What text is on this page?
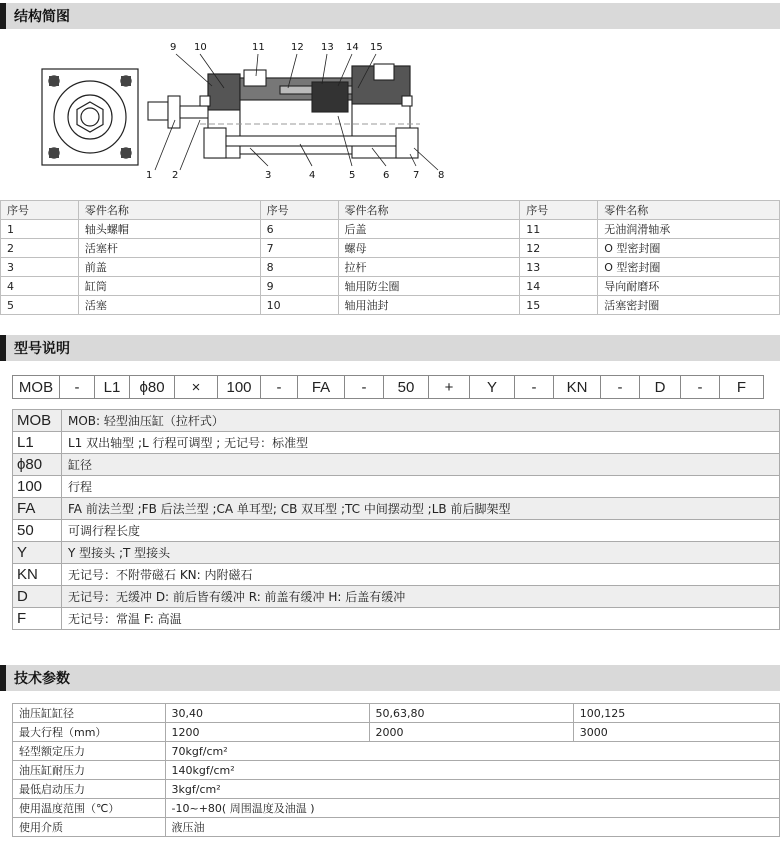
结构简图
9 10	11	12 13 14 15
1 2	3	4	5	6 7 8
序号	零件名称	序号	零件名称	序号	零件名称
1	轴头螺帽	6	后盖	11	无油润滑轴承
2	活塞杆	7	螺母	12	O 型密封圈
3	前盖	8	拉杆	13	O 型密封圈
4	缸筒	9	轴用防尘圈	14	导向耐磨环
5	活塞	10	轴用油封	15	活塞密封圈
型号说明
MOB	-	L1	ϕ80	×	100	-	FA	-	50	+	Y	-	KN	-	D	-	F
MOB	MOB: 轻型油压缸（拉杆式）
L1	L1 双出轴型 ;L 行程可调型 ; 无记号：标准型
ϕ80	缸径
100	行程
FA	FA 前法兰型 ;FB 后法兰型 ;CA 单耳型; CB 双耳型 ;TC 中间摆动型 ;LB 前后脚架型
50	可调行程长度
Y	Y 型接头 ;T 型接头
KN	无记号：不附带磁石 KN: 内附磁石
D	无记号：无缓冲 D: 前后皆有缓冲 R: 前盖有缓冲 H: 后盖有缓冲
F	无记号：常温 F: 高温
技术参数
油压缸缸径	30,40	50,63,80	100,125
最大行程（mm）	1200	2000	3000
轻型额定压力	70kgf/cm²		
油压缸耐压力	140kgf/cm²		
最低启动压力	3kgf/cm²		
使用温度范围（℃）	-10~+80( 周围温度及油温 )		
使用介质	液压油		
